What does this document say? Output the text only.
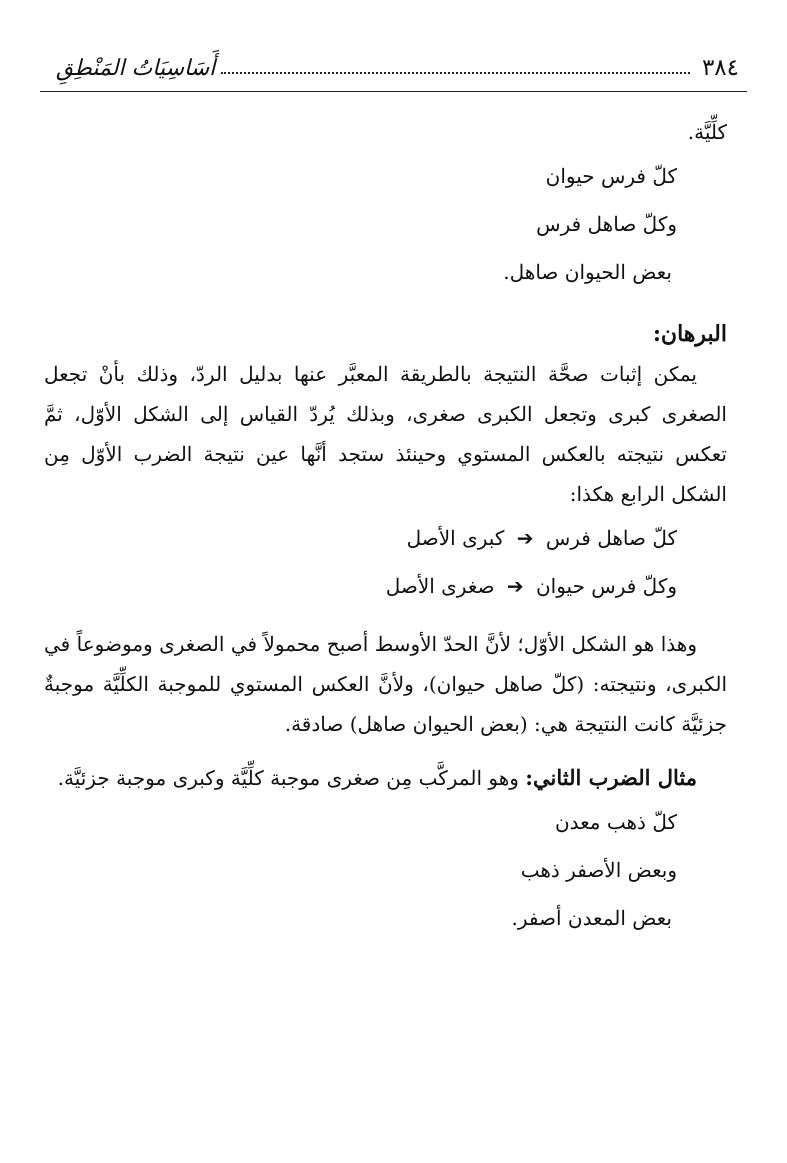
٣٨٤
أَسَاسِيَاتُ المَنْطِقِ

كلِّيَّة.

كلّ فرس حيوان
وكلّ صاهل فرس
بعض الحيوان صاهل.
البرهان:

يمكن إثبات صحَّة النتيجة بالطريقة المعبَّر عنها بدليل الردّ، وذلك بأنْ تجعل الصغرى كبرى وتجعل الكبرى صغرى، وبذلك يُردّ القياس إلى الشكل الأوّل، ثمَّ تعكس نتيجته بالعكس المستوي وحينئذ ستجد أنَّها عين نتيجة الضرب الأوّل مِن الشكل الرابع هكذا:

كلّ صاهل فرس ➔ كبرى الأصل
وكلّ فرس حيوان ➔ صغرى الأصل

وهذا هو الشكل الأوّل؛ لأنَّ الحدّ الأوسط أصبح محمولاً في الصغرى وموضوعاً في الكبرى، ونتيجته: (كلّ صاهل حيوان)، ولأنَّ العكس المستوي للموجبة الكلِّيَّة موجبةٌ جزئيَّة كانت النتيجة هي: (بعض الحيوان صاهل) صادقة.

مثال الضرب الثاني: وهو المركَّب مِن صغرى موجبة كلِّيَّة وكبرى موجبة جزئيَّة.

كلّ ذهب معدن
وبعض الأصفر ذهب
بعض المعدن أصفر.
